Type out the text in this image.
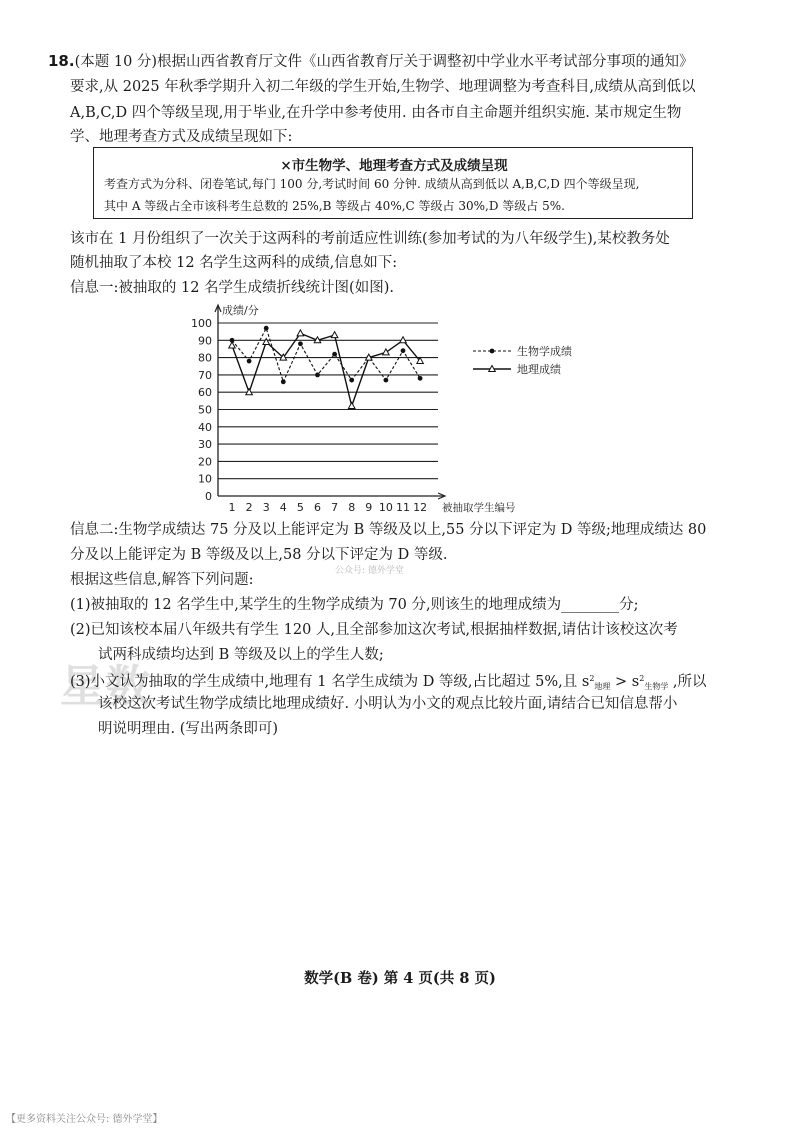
18.(本题 10 分)根据山西省教育厅文件《山西省教育厅关于调整初中学业水平考试部分事项的通知》
要求,从 2025 年秋季学期升入初二年级的学生开始,生物学、地理调整为考查科目,成绩从高到低以
A,B,C,D 四个等级呈现,用于毕业,在升学中参考使用. 由各市自主命题并组织实施. 某市规定生物
学、地理考查方式及成绩呈现如下:
×市生物学、地理考查方式及成绩呈现
考查方式为分科、闭卷笔试,每门 100 分,考试时间 60 分钟. 成绩从高到低以 A,B,C,D 四个等级呈现,
其中 A 等级占全市该科考生总数的 25%,B 等级占 40%,C 等级占 30%,D 等级占 5%.
该市在 1 月份组织了一次关于这两科的考前适应性训练(参加考试的为八年级学生),某校教务处
随机抽取了本校 12 名学生这两科的成绩,信息如下:
信息一:被抽取的 12 名学生成绩折线统计图(如图).
0
10
20
30
40
50
60
70
80
90
100
1 2 3 4 5 6 7 8 9 10 11 12
生物学成绩
地理成绩
成绩/分
被抽取学生编号
信息二:生物学成绩达 75 分及以上能评定为 B 等级及以上,55 分以下评定为 D 等级;地理成绩达 80
分及以上能评定为 B 等级及以上,58 分以下评定为 D 等级.
公众号: 德外学堂
根据这些信息,解答下列问题:
(1)被抽取的 12 名学生中,某学生的生物学成绩为 70 分,则该生的地理成绩为________分;
(2)已知该校本届八年级共有学生 120 人,且全部参加这次考试,根据抽样数据,请估计该校这次考
试两科成绩均达到 B 等级及以上的学生人数;
星数
(3)小文认为抽取的学生成绩中,地理有 1 名学生成绩为 D 等级,占比超过 5%,且 $s^2_{地理} > s^2_{生物学}$ ,所以
该校这次考试生物学成绩比地理成绩好. 小明认为小文的观点比较片面,请结合已知信息帮小
明说明理由. (写出两条即可)
数学(B 卷) 第 4 页(共 8 页)
【更多资料关注公众号: 德外学堂】
